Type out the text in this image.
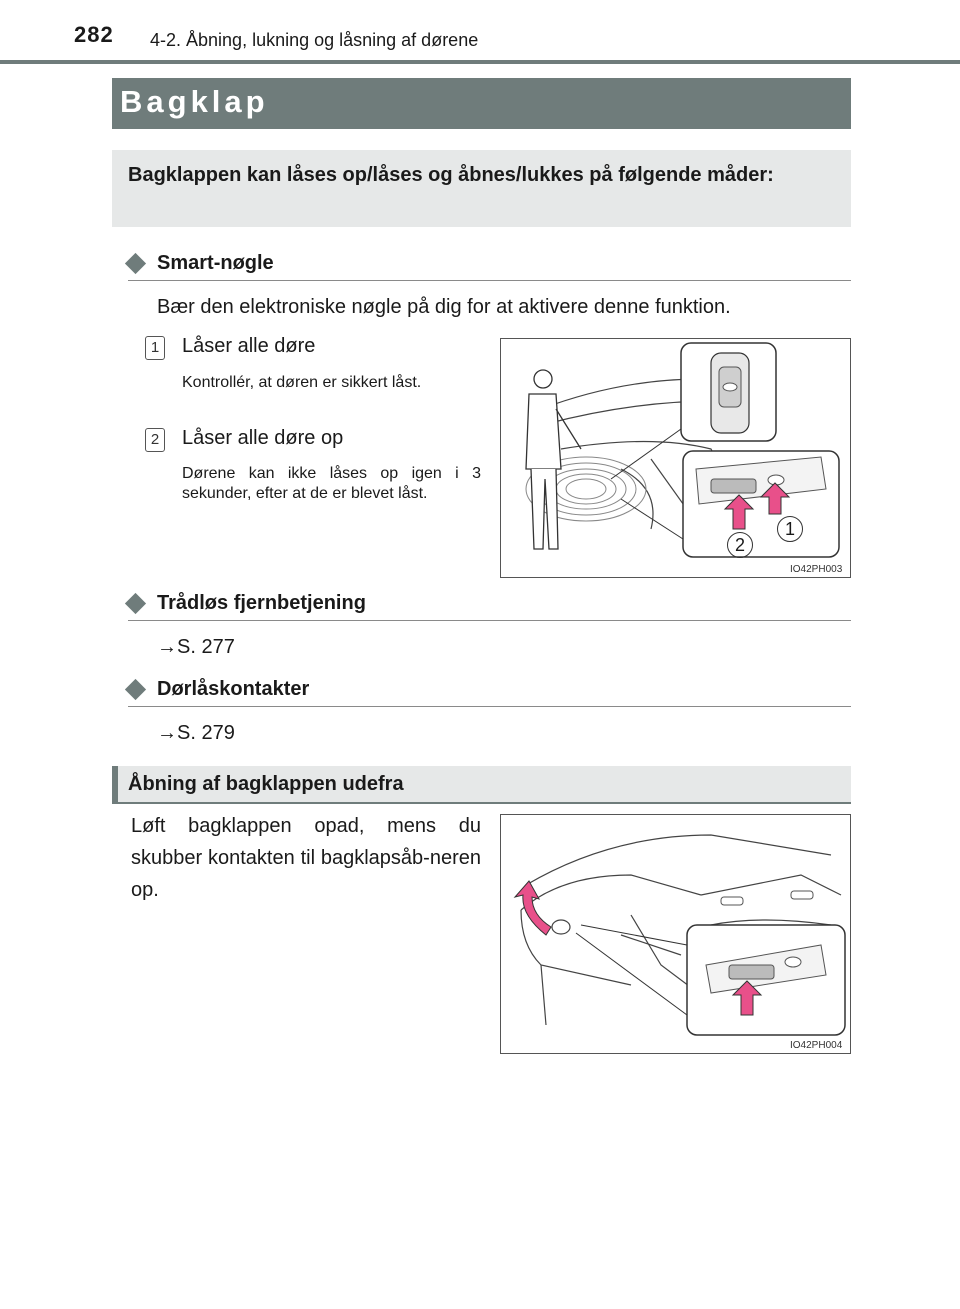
282 4-2. Åbning, lukning og låsning af dørene
Bagklap

Bagklappen kan låses op/låses og åbnes/lukkes på følgende måder:

Smart-nøgle
Bær den elektroniske nøgle på dig for at aktivere denne funktion.
1 Låser alle døre
Kontrollér, at døren er sikkert låst.
2 Låser alle døre op
Dørene kan ikke låses op igen i 3 sekunder, efter at de er blevet låst.
1
2
IO42PH003
Trådløs fjernbetjening
→S. 277
Dørlåskontakter
→S. 279
Åbning af bagklappen udefra
Løft bagklappen opad, mens du skubber kontakten til bagklapsåb-neren op.
IO42PH004
